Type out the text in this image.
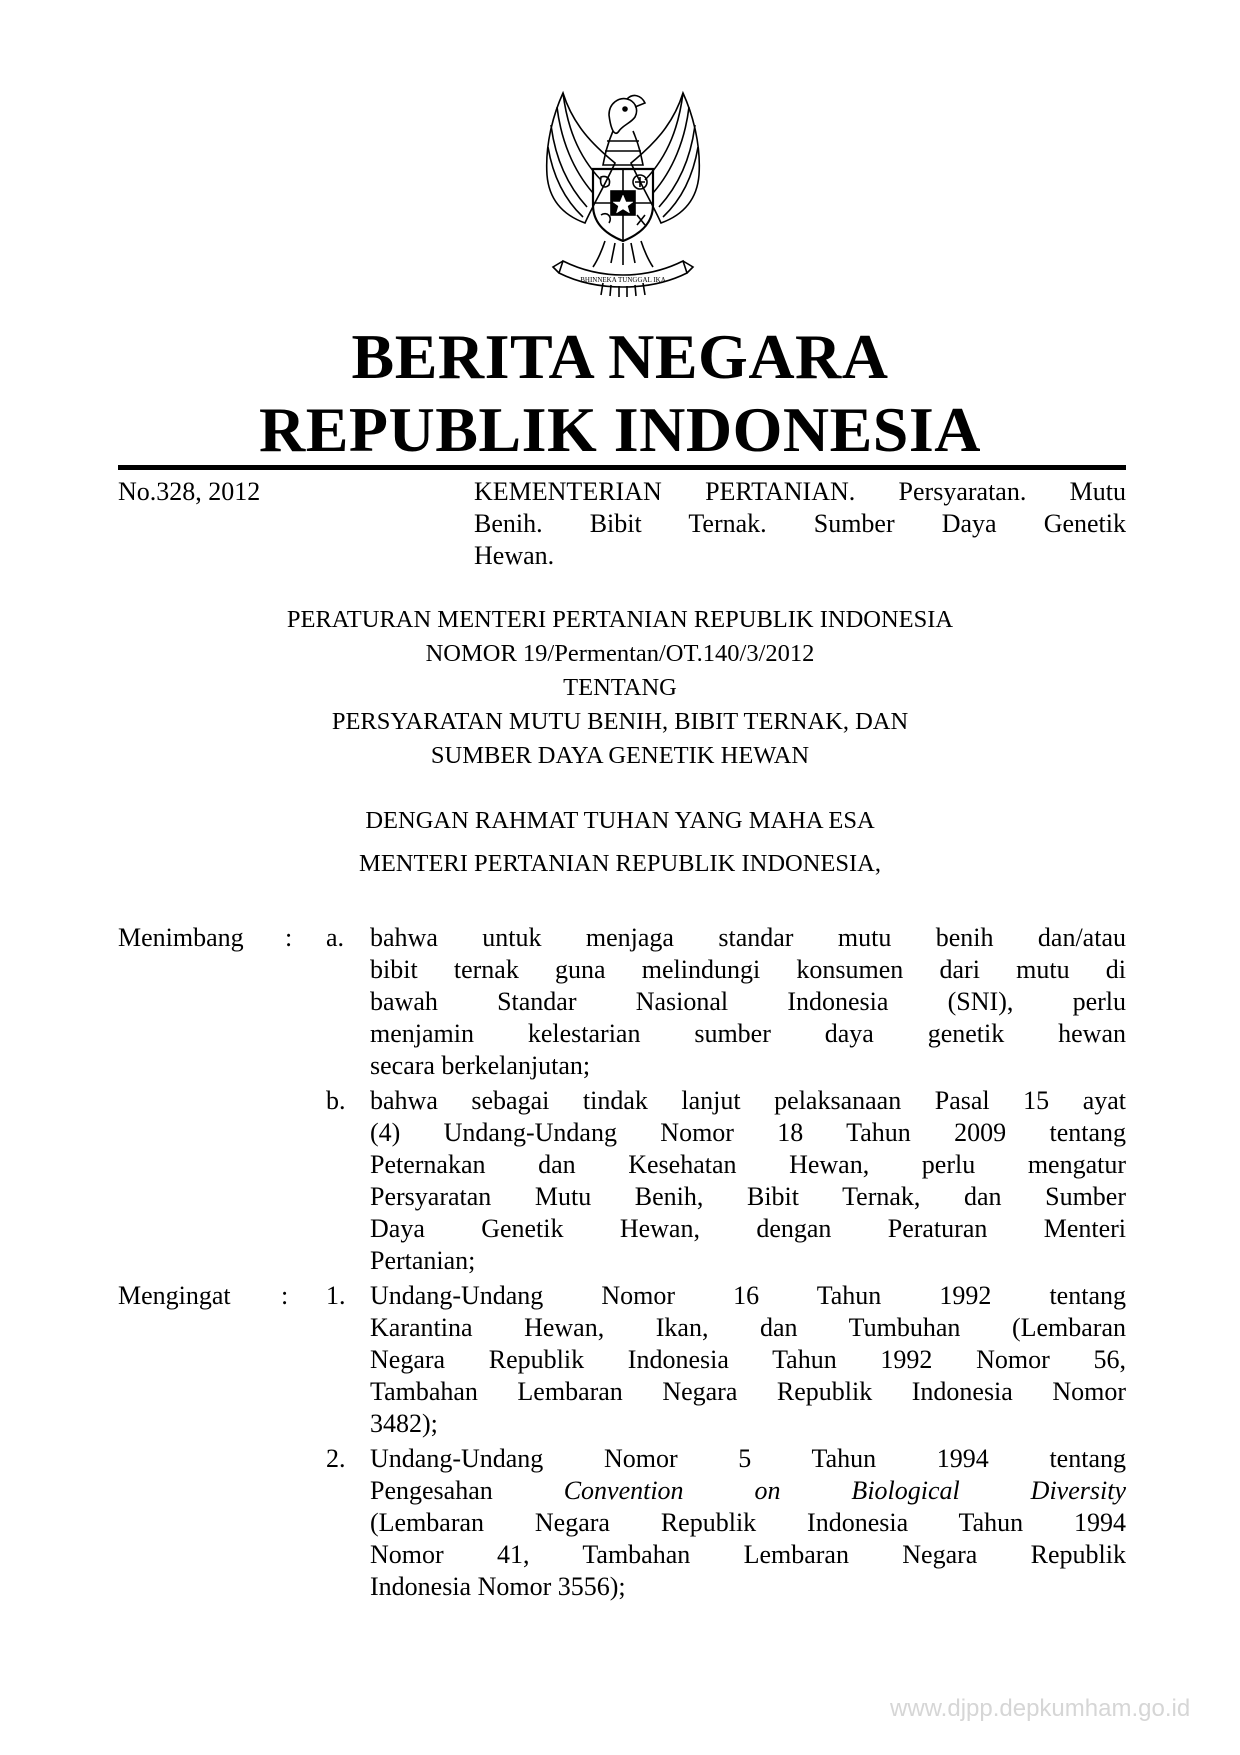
BHINNEKA TUNGGAL IKA
BERITA NEGARA
REPUBLIK INDONESIA
No.328, 2012	KEMENTERIAN PERTANIAN. Persyaratan. Mutu
Benih. Bibit Ternak. Sumber Daya Genetik
Hewan.
PERATURAN MENTERI PERTANIAN REPUBLIK INDONESIA
NOMOR 19/Permentan/OT.140/3/2012
TENTANG
PERSYARATAN MUTU BENIH, BIBIT TERNAK, DAN
SUMBER DAYA GENETIK HEWAN
DENGAN RAHMAT TUHAN YANG MAHA ESA
MENTERI PERTANIAN REPUBLIK INDONESIA,
Menimbang : a. bahwa untuk menjaga standar mutu benih dan/atau
bibit ternak guna melindungi konsumen dari mutu di
bawah Standar Nasional Indonesia (SNI), perlu
menjamin kelestarian sumber daya genetik hewan
secara berkelanjutan;
b. bahwa sebagai tindak lanjut pelaksanaan Pasal 15 ayat
(4) Undang-Undang Nomor 18 Tahun 2009 tentang
Peternakan dan Kesehatan Hewan, perlu mengatur
Persyaratan Mutu Benih, Bibit Ternak, dan Sumber
Daya Genetik Hewan, dengan Peraturan Menteri
Pertanian;
Mengingat : 1. Undang-Undang Nomor 16 Tahun 1992 tentang
Karantina Hewan, Ikan, dan Tumbuhan (Lembaran
Negara Republik Indonesia Tahun 1992 Nomor 56,
Tambahan Lembaran Negara Republik Indonesia Nomor
3482);
2. Undang-Undang Nomor 5 Tahun 1994 tentang
Pengesahan	Convention on Biological Diversity
(Lembaran Negara Republik Indonesia Tahun 1994
Nomor 41, Tambahan Lembaran Negara Republik
Indonesia Nomor 3556);
www.djpp.depkumham.go.id
